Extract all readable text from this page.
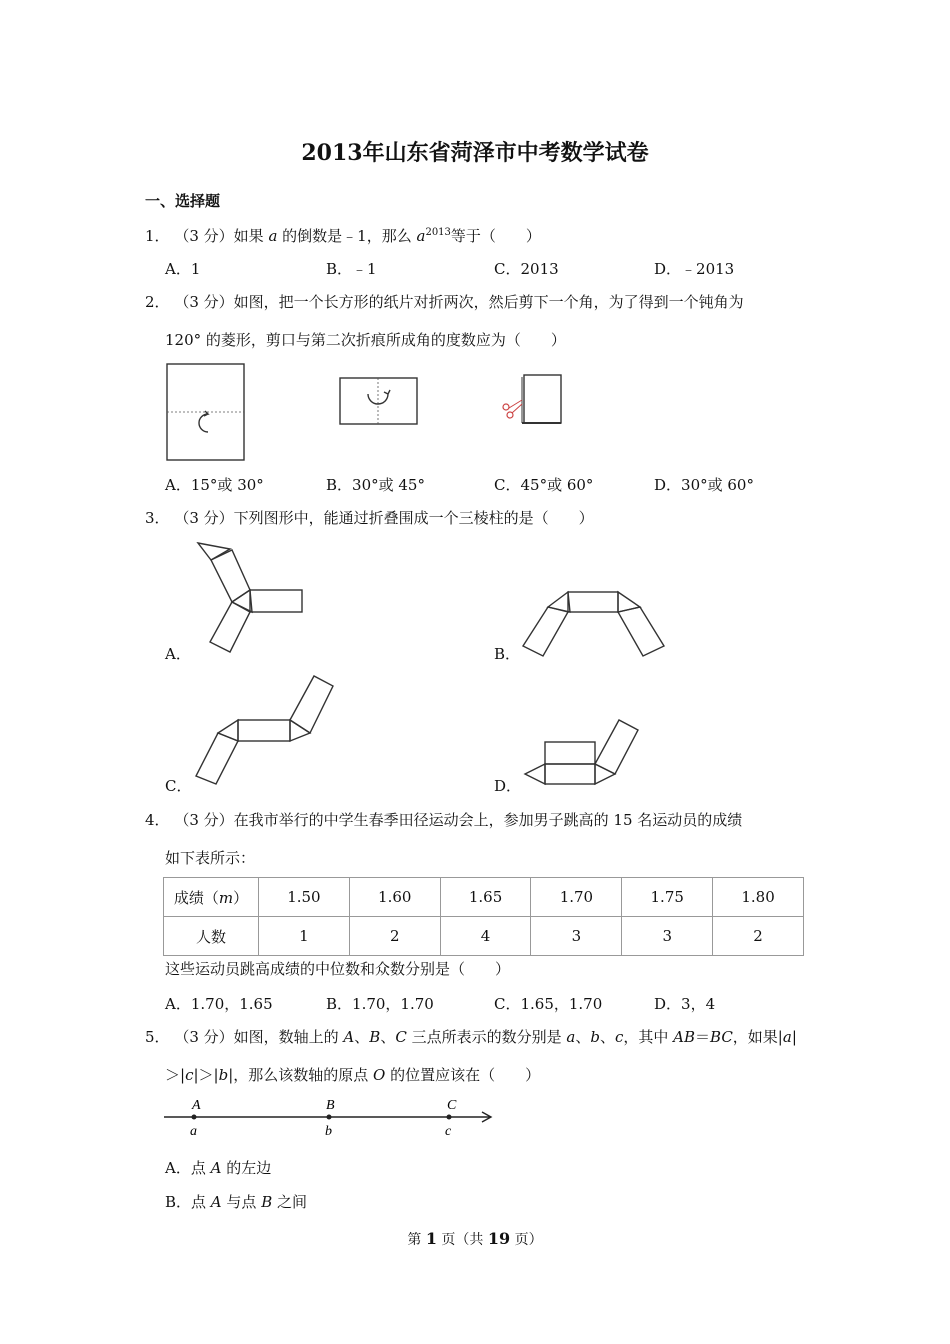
2013年山东省菏泽市中考数学试卷
一、选择题
1． （3 分）如果 a 的倒数是﹣1，那么 $a^{2013}$等于（　　）
A．1	B．﹣1	C．2013	D．﹣2013
2． （3 分）如图，把一个长方形的纸片对折两次，然后剪下一个角，为了得到一个钝角为
120° 的菱形，剪口与第二次折痕所成角的度数应为（　　）
A．15°或 30°	B．30°或 45°	C．45°或 60°	D．30°或 60°
3． （3 分）下列图形中，能通过折叠围成一个三棱柱的是（　　）
A．	B．
C．	D．
4． （3 分）在我市举行的中学生春季田径运动会上，参加男子跳高的 15 名运动员的成绩
如下表所示：
成绩（m）	1.50	1.60	1.65	1.70	1.75	1.80
人数	1	2	4	3	3	2
这些运动员跳高成绩的中位数和众数分别是（　　）
A．1.70，1.65	B．1.70，1.70	C．1.65，1.70	D．3，4
5． （3 分）如图，数轴上的 A、B、C 三点所表示的数分别是 a、b、c，其中 AB＝BC，如果|a|
＞|c|＞|b|，那么该数轴的原点 O 的位置应该在（　　）
A	B	C
a	b	c
A．点 A 的左边
B．点 A 与点 B 之间
第 1 页（共 19 页）
